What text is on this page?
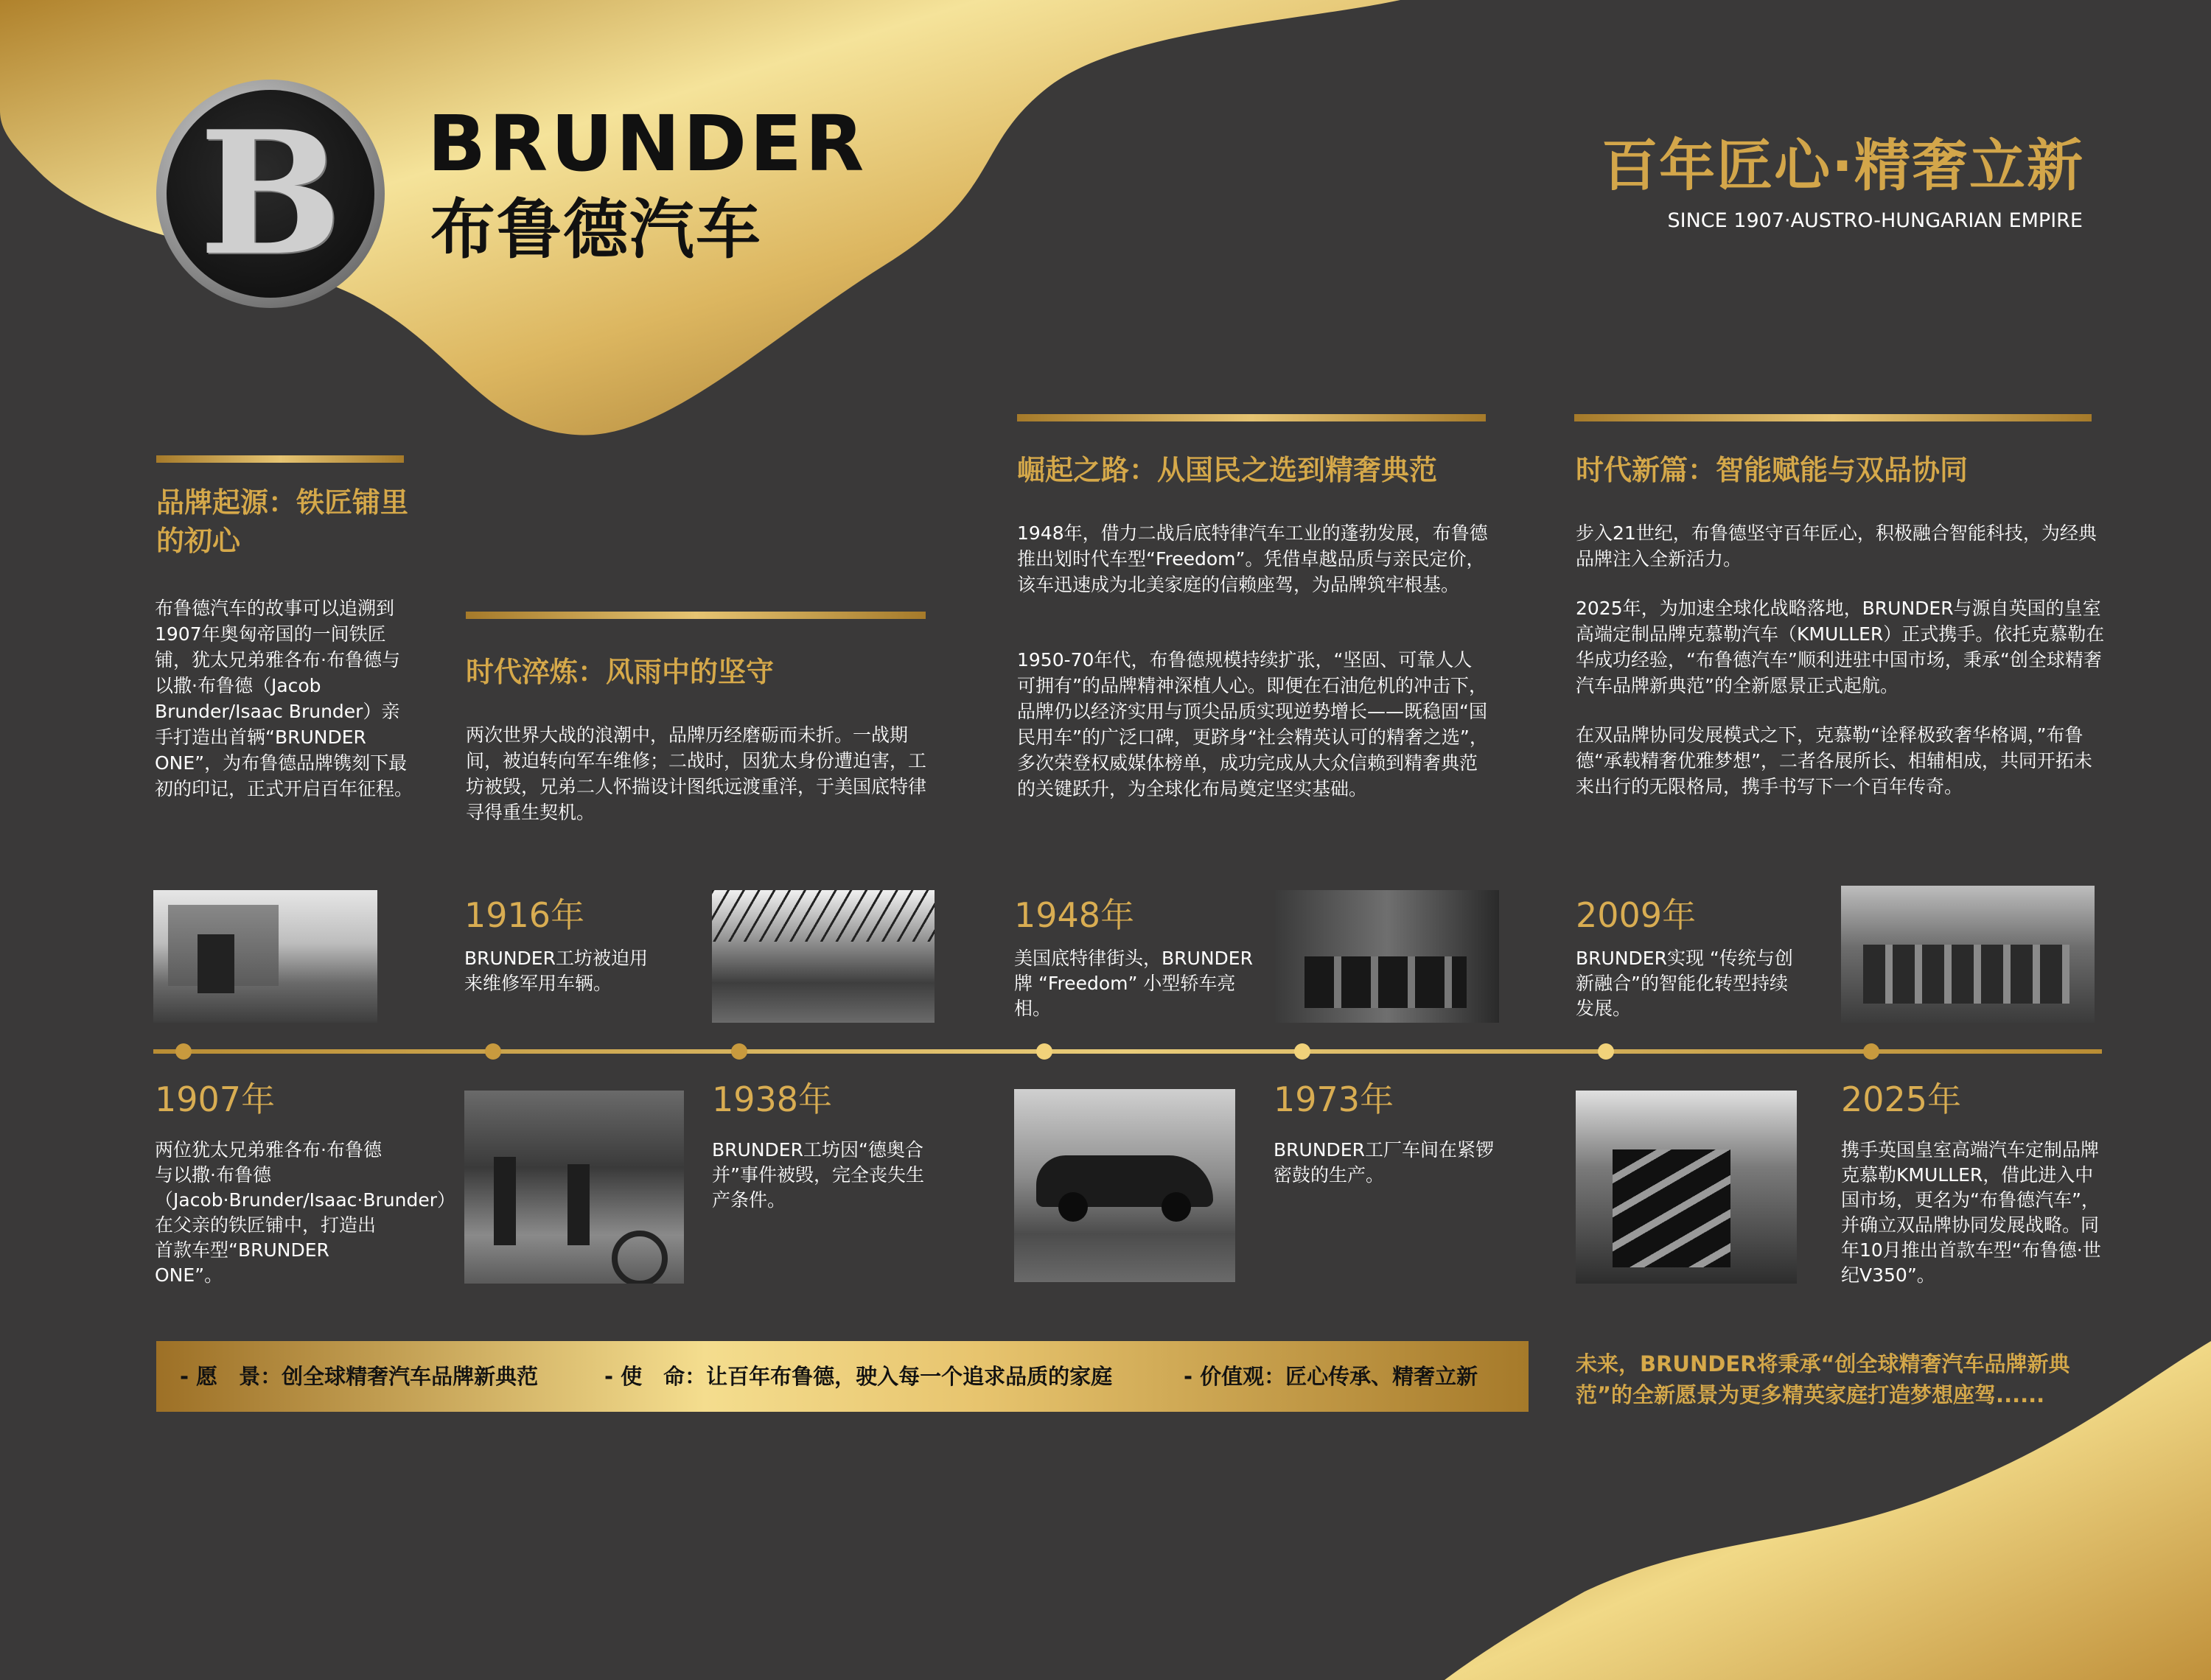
B	BRUNDER
布鲁德汽车
百年匠心·精奢立新
SINCE 1907·AUSTRO-HUNGARIAN EMPIRE
品牌起源：铁匠铺里的初心
布鲁德汽车的故事可以追溯到 1907年奥匈帝国的一间铁匠铺，犹太兄弟雅各布·布鲁德与以撒·布鲁德（Jacob Brunder/Isaac Brunder）亲手打造出首辆“BRUNDER ONE”，为布鲁德品牌镌刻下最初的印记，正式开启百年征程。
时代淬炼：风雨中的坚守
两次世界大战的浪潮中，品牌历经磨砺而未折。一战期间，被迫转向军车维修；二战时，因犹太身份遭迫害，工坊被毁，兄弟二人怀揣设计图纸远渡重洋，于美国底特律寻得重生契机。
崛起之路：从国民之选到精奢典范
1948年，借力二战后底特律汽车工业的蓬勃发展，布鲁德推出划时代车型“Freedom”。凭借卓越品质与亲民定价，该车迅速成为北美家庭的信赖座驾，为品牌筑牢根基。
1950-70年代，布鲁德规模持续扩张，“坚固、可靠人人可拥有”的品牌精神深植人心。即便在石油危机的冲击下，品牌仍以经济实用与顶尖品质实现逆势增长——既稳固“国民用车”的广泛口碑，更跻身“社会精英认可的精奢之选”，多次荣登权威媒体榜单，成功完成从大众信赖到精奢典范的关键跃升，为全球化布局奠定坚实基础。
时代新篇：智能赋能与双品协同
步入21世纪，布鲁德坚守百年匠心，积极融合智能科技，为经典品牌注入全新活力。
2025年，为加速全球化战略落地，BRUNDER与源自英国的皇室高端定制品牌克慕勒汽车（KMULLER）正式携手。依托克慕勒在华成功经验，“布鲁德汽车”顺利进驻中国市场，秉承“创全球精奢汽车品牌新典范”的全新愿景正式起航。
在双品牌协同发展模式之下，克慕勒“诠释极致奢华格调，”布鲁德“承载精奢优雅梦想”，二者各展所长、相辅相成，共同开拓未来出行的无限格局，携手书写下一个百年传奇。
1907年
两位犹太兄弟雅各布·布鲁德与以撒·布鲁德（Jacob·Brunder/Isaac·Brunder）在父亲的铁匠铺中，打造出首款车型“BRUNDER ONE”。
1916年
BRUNDER工坊被迫用来维修军用车辆。
1938年
BRUNDER工坊因“德奥合并”事件被毁，完全丧失生产条件。
1948年
美国底特律街头，BRUNDER 牌 “Freedom” 小型轿车亮相。
1973年
BRUNDER工厂车间在紧锣密鼓的生产。
2009年
BRUNDER实现 “传统与创新融合”的智能化转型持续发展。
2025年
携手英国皇室高端汽车定制品牌克慕勒KMULLER，借此进入中国市场，更名为“布鲁德汽车”，并确立双品牌协同发展战略。同年10月推出首款车型“布鲁德·世纪V350”。
- 愿　景：创全球精奢汽车品牌新典范	- 使　命：让百年布鲁德，驶入每一个追求品质的家庭	- 价值观：匠心传承、精奢立新	未来，BRUNDER将秉承“创全球精奢汽车品牌新典范”的全新愿景为更多精英家庭打造梦想座驾......
